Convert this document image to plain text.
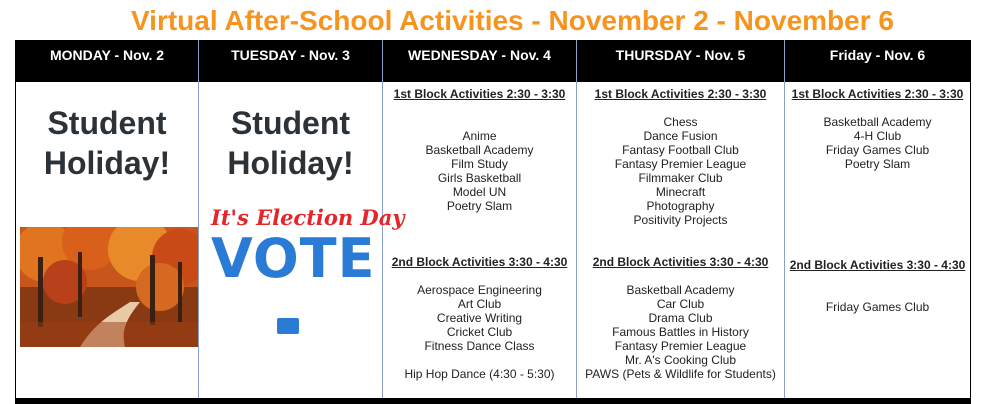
Virtual After-School Activities - November 2 - November 6
MONDAY - Nov. 2
Student
Holiday!
TUESDAY - Nov. 3
Student
Holiday!
It's Election Day
VOTE
WEDNESDAY - Nov. 4
1st Block Activities 2:30 - 3:30
Anime
Basketball Academy
Film Study
Girls Basketball
Model UN
Poetry Slam
2nd Block Activities 3:30 - 4:30
Aerospace Engineering
Art Club
Creative Writing
Cricket Club
Fitness Dance Class
Hip Hop Dance (4:30 - 5:30)
THURSDAY - Nov. 5
1st Block Activities 2:30 - 3:30
Chess
Dance Fusion
Fantasy Football Club
Fantasy Premier League
Filmmaker Club
Minecraft
Photography
Positivity Projects
2nd Block Activities 3:30 - 4:30
Basketball Academy
Car Club
Drama Club
Famous Battles in History
Fantasy Premier League
Mr. A's Cooking Club
PAWS (Pets & Wildlife for Students)
Friday - Nov. 6
1st Block Activities 2:30 - 3:30
Basketball Academy
4-H Club
Friday Games Club
Poetry Slam
2nd Block Activities 3:30 - 4:30
Friday Games Club
